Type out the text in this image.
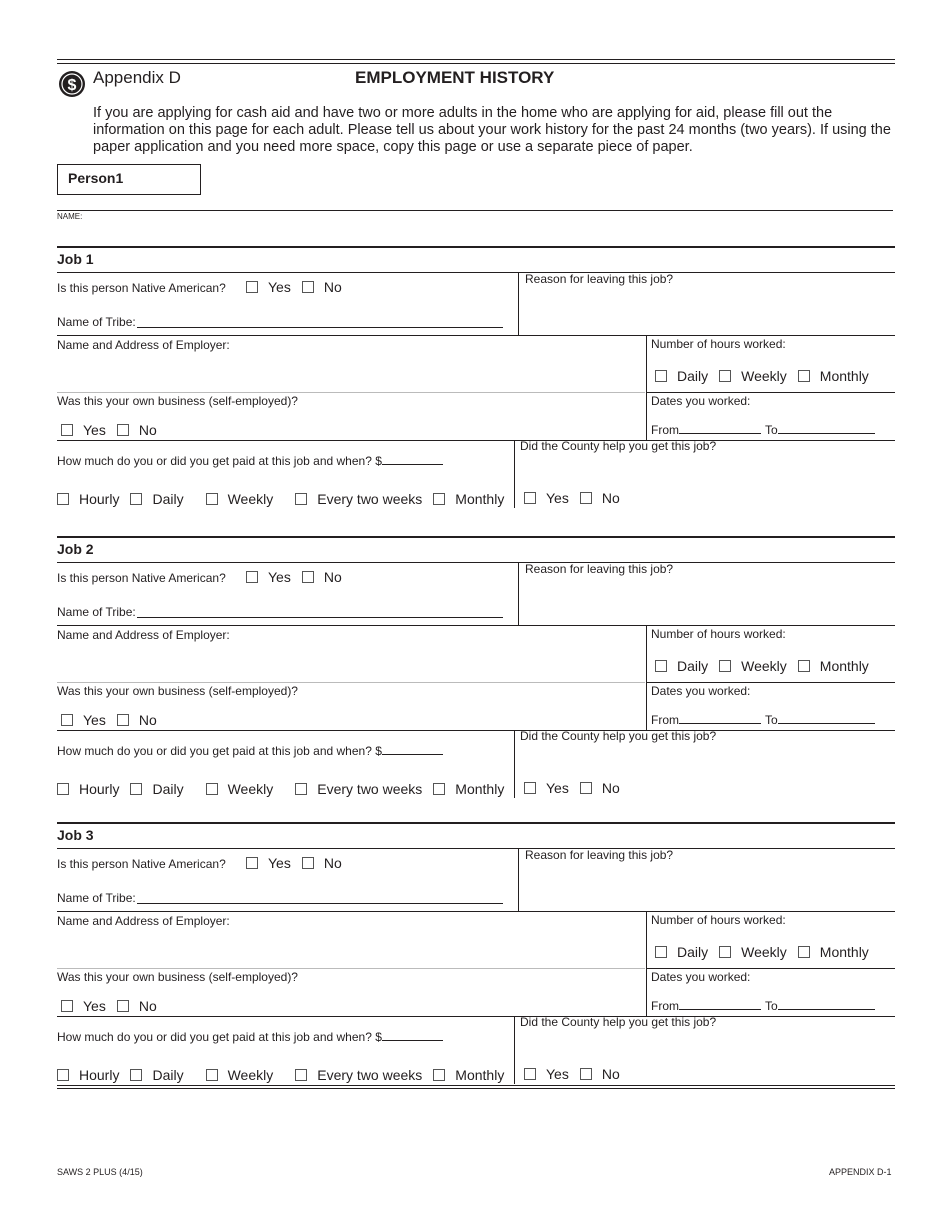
$ Appendix D	EMPLOYMENT HISTORY
If you are applying for cash aid and have two or more adults in the home who are applying for aid, please fill out the information on this page for each adult. Please tell us about your work history for the past 24 months (two years). If using the paper application and you need more space, copy this page or use a separate piece of paper.
Person1
NAME:
Job 1
Is this person Native American?	Yes No
Name of Tribe:
Reason for leaving this job?
Name and Address of Employer:	Number of hours worked:
Daily Weekly Monthly
Was this your own business (self-employed)?
Yes No
Dates you worked:
From	To
How much do you or did you get paid at this job and when? $
Hourly Daily	Weekly	Every two weeks Monthly
Did the County help you get this job?
Yes No
Job 2
Is this person Native American?	Yes No
Name of Tribe:
Reason for leaving this job?
Name and Address of Employer:	Number of hours worked:
Daily Weekly Monthly
Was this your own business (self-employed)?
Yes No
Dates you worked:
From	To
How much do you or did you get paid at this job and when? $
Hourly Daily	Weekly	Every two weeks Monthly
Did the County help you get this job?
Yes No
Job 3
Is this person Native American?	Yes No
Name of Tribe:
Reason for leaving this job?
Name and Address of Employer:	Number of hours worked:
Daily Weekly Monthly
Was this your own business (self-employed)?
Yes No
Dates you worked:
From	To
How much do you or did you get paid at this job and when? $
Hourly Daily	Weekly	Every two weeks Monthly
Did the County help you get this job?
Yes No
SAWS 2 PLUS (4/15)	APPENDIX D-1
